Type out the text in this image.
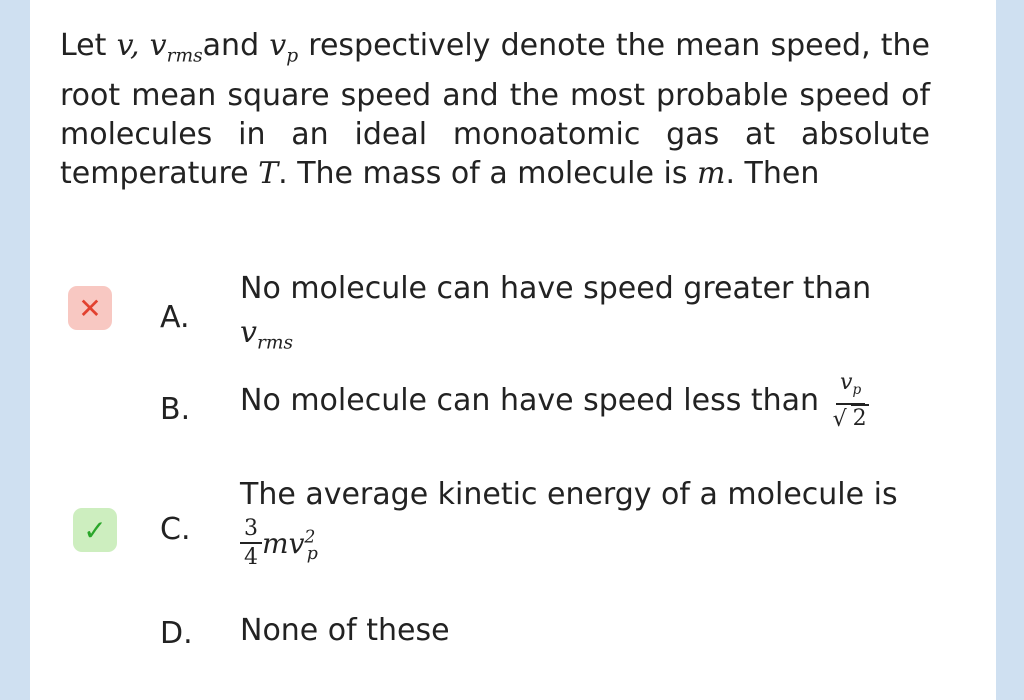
Let v, $v_{rms}and$ $v_p$ respectively denote the mean speed, the root mean square speed and the most probable speed of molecules in an ideal monoatomic gas at absolute temperature T. The mass of a molecule is m. Then
✕	A.
No molecule can have speed greater than
$v_{rms}$
B. No molecule can have speed less than $v_p$
√ 2
✓	C.
The average kinetic energy of a molecule is
$\frac{3}{4} mv^2_p$
D. None of these
